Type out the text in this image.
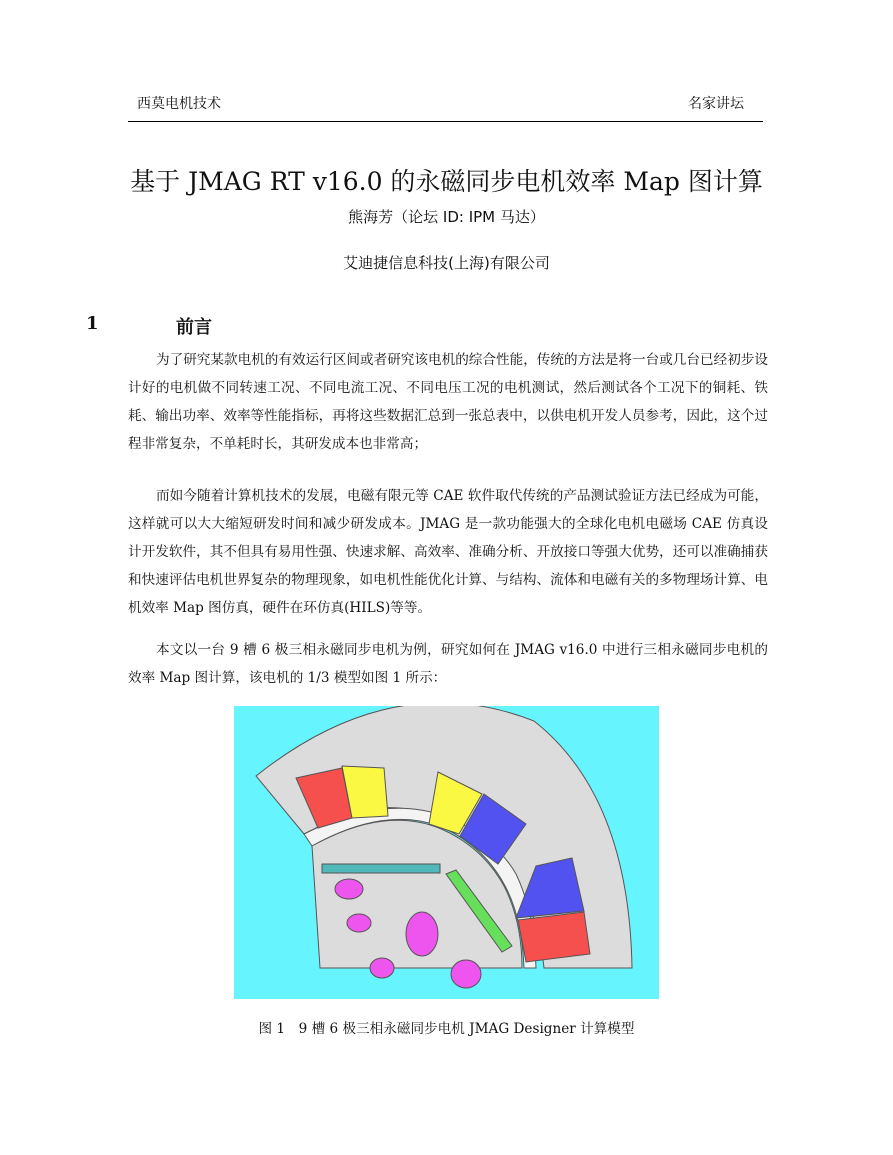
西莫电机技术	名家讲坛
基于 JMAG RT v16.0 的永磁同步电机效率 Map 图计算
熊海芳（论坛 ID: IPM 马达）
艾迪捷信息科技(上海)有限公司
1	前言
为了研究某款电机的有效运行区间或者研究该电机的综合性能，传统的方法是将一台或几台已经初步设计好的电机做不同转速工况、不同电流工况、不同电压工况的电机测试，然后测试各个工况下的铜耗、铁耗、输出功率、效率等性能指标，再将这些数据汇总到一张总表中，以供电机开发人员参考，因此，这个过程非常复杂，不单耗时长，其研发成本也非常高；
而如今随着计算机技术的发展，电磁有限元等 CAE 软件取代传统的产品测试验证方法已经成为可能，这样就可以大大缩短研发时间和减少研发成本。JMAG 是一款功能强大的全球化电机电磁场 CAE 仿真设计开发软件，其不但具有易用性强、快速求解、高效率、准确分析、开放接口等强大优势，还可以准确捕获和快速评估电机世界复杂的物理现象，如电机性能优化计算、与结构、流体和电磁有关的多物理场计算、电机效率 Map 图仿真，硬件在环仿真(HILS)等等。
本文以一台 9 槽 6 极三相永磁同步电机为例，研究如何在 JMAG v16.0 中进行三相永磁同步电机的效率 Map 图计算，该电机的 1/3 模型如图 1 所示：
图 1　9 槽 6 极三相永磁同步电机 JMAG Designer 计算模型
